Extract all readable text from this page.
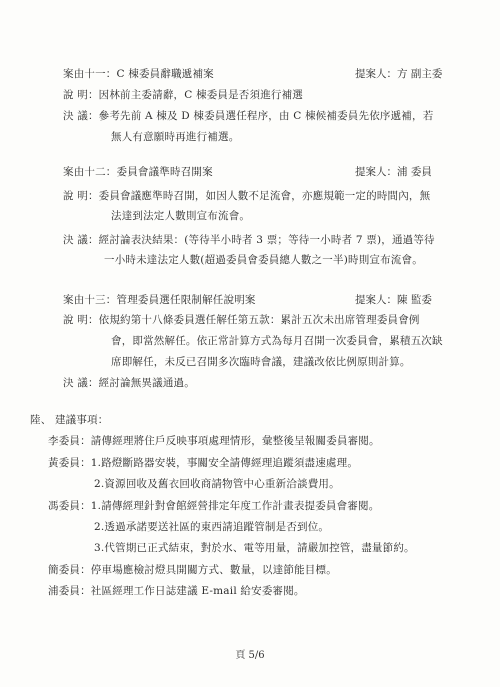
案由十一：C 棟委員辭職遞補案	提案人：方 副主委
說 明：因林前主委請辭，C 棟委員是否須進行補選
決 議：參考先前 A 棟及 D 棟委員選任程序，由 C 棟候補委員先依序遞補，若
無人有意願時再進行補選。
案由十二：委員會議準時召開案	提案人：浦 委員
說 明：委員會議應準時召開，如因人數不足流會，亦應規範一定的時間內，無
法達到法定人數則宣布流會。
決 議：經討論表決結果：(等待半小時者 3 票；等待一小時者 7 票)，通過等待
一小時未達法定人數(超過委員會委員總人數之一半)時則宣布流會。
案由十三：管理委員選任限制解任說明案	提案人：陳 監委
說 明：依規約第十八條委員選任解任第五款：累計五次未出席管理委員會例
會，即當然解任。依正常計算方式為每月召開一次委員會，累積五次缺
席即解任，未反已召開多次臨時會議，建議改依比例原則計算。
決 議：經討論無異議通過。
陸、 建議事項：
李委員：請傳經理將住戶反映事項處理情形，彙整後呈報關委員審閱。
黃委員：1.路燈斷路器安裝，事關安全請傳經理追蹤須盡速處理。
2.資源回收及舊衣回收商請物管中心重新洽談費用。
馮委員：1.請傳經理針對會館經營排定年度工作計畫表提委員會審閱。
2.透過承諾要送社區的東西請追蹤管制是否到位。
3.代管期已正式結束，對於水、電等用量，請嚴加控管，盡量節約。
簡委員：停車場應檢討燈具開關方式、數量，以達節能目標。
浦委員：社區經理工作日誌建議 E-mail 給安委審閱。
頁 5/6
